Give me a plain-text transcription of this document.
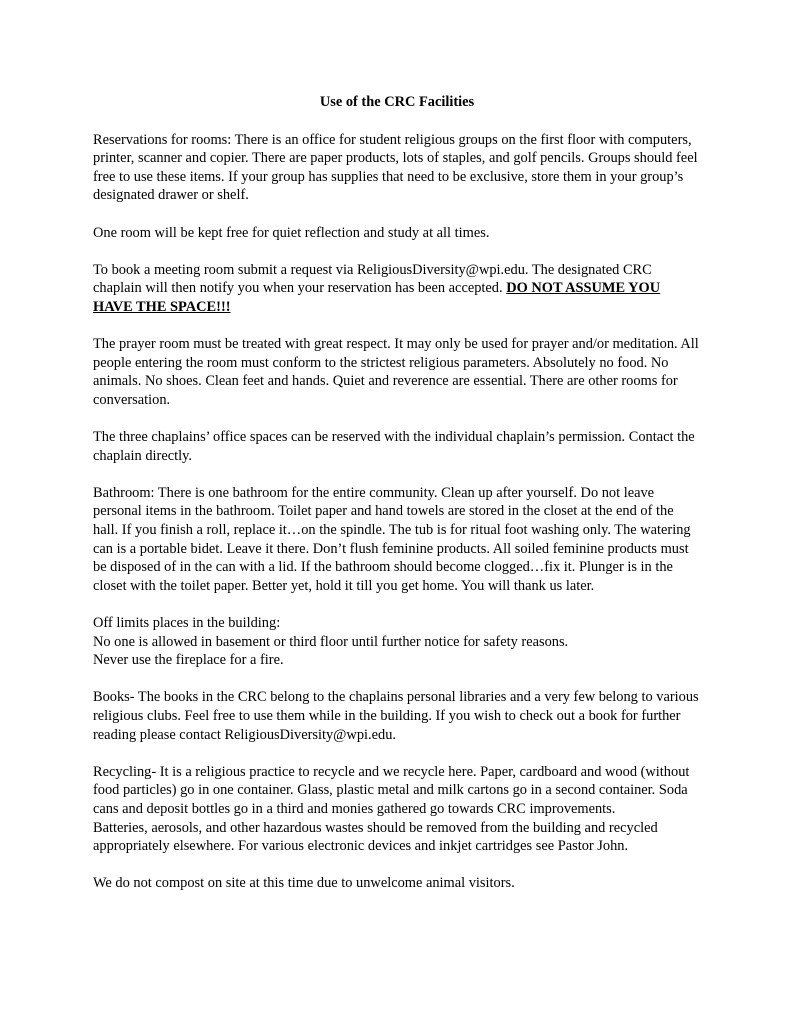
Use of the CRC Facilities

Reservations for rooms: There is an office for student religious groups on the first floor with computers, printer, scanner and copier. There are paper products, lots of staples, and golf pencils. Groups should feel free to use these items. If your group has supplies that need to be exclusive, store them in your group’s designated drawer or shelf.

One room will be kept free for quiet reflection and study at all times.

To book a meeting room submit a request via ReligiousDiversity@wpi.edu. The designated CRC chaplain will then notify you when your reservation has been accepted. DO NOT ASSUME YOU HAVE THE SPACE!!!

The prayer room must be treated with great respect. It may only be used for prayer and/or meditation. All people entering the room must conform to the strictest religious parameters. Absolutely no food. No animals. No shoes. Clean feet and hands. Quiet and reverence are essential. There are other rooms for conversation.

The three chaplains’ office spaces can be reserved with the individual chaplain’s permission. Contact the chaplain directly.

Bathroom: There is one bathroom for the entire community. Clean up after yourself. Do not leave personal items in the bathroom. Toilet paper and hand towels are stored in the closet at the end of the hall. If you finish a roll, replace it…on the spindle. The tub is for ritual foot washing only. The watering can is a portable bidet. Leave it there. Don’t flush feminine products. All soiled feminine products must be disposed of in the can with a lid. If the bathroom should become clogged…fix it. Plunger is in the closet with the toilet paper. Better yet, hold it till you get home. You will thank us later.

Off limits places in the building:
No one is allowed in basement or third floor until further notice for safety reasons.
Never use the fireplace for a fire.

Books- The books in the CRC belong to the chaplains personal libraries and a very few belong to various religious clubs. Feel free to use them while in the building. If you wish to check out a book for further reading please contact ReligiousDiversity@wpi.edu.

Recycling- It is a religious practice to recycle and we recycle here. Paper, cardboard and wood (without food particles) go in one container. Glass, plastic metal and milk cartons go in a second container. Soda cans and deposit bottles go in a third and monies gathered go towards CRC improvements.
Batteries, aerosols, and other hazardous wastes should be removed from the building and recycled appropriately elsewhere. For various electronic devices and inkjet cartridges see Pastor John.

We do not compost on site at this time due to unwelcome animal visitors.
